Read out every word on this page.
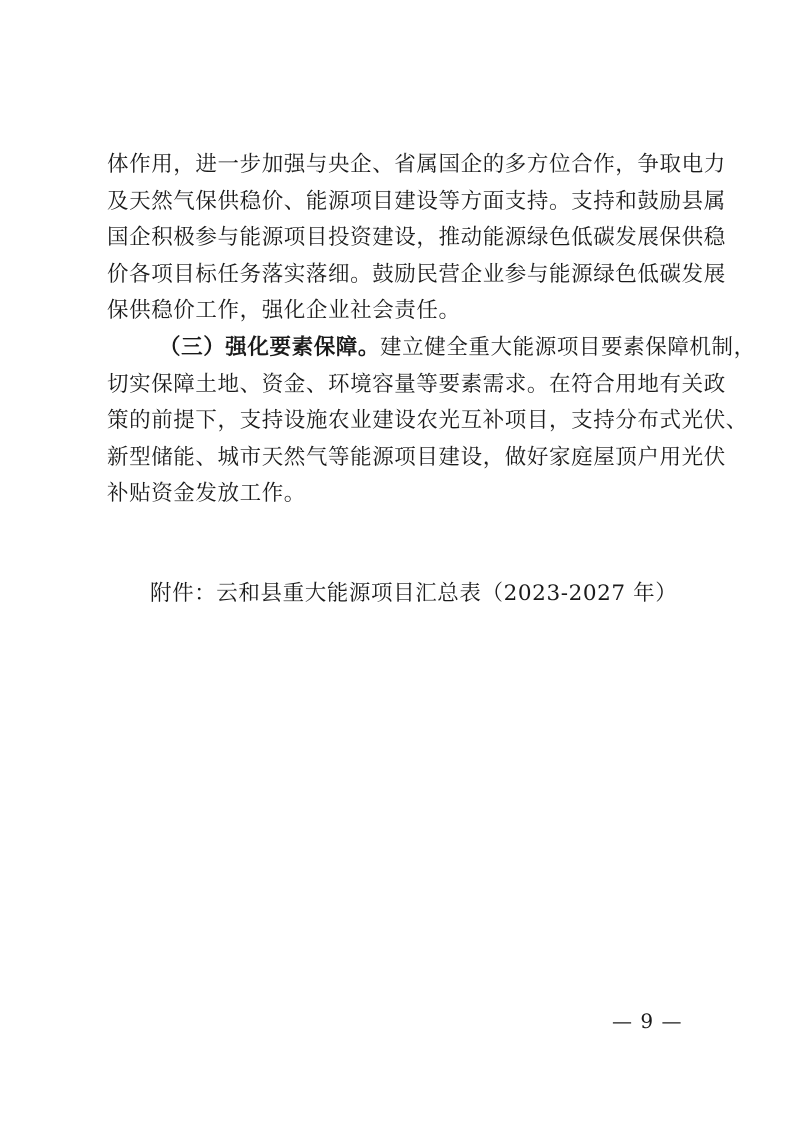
体作用，进一步加强与央企、省属国企的多方位合作，争取电力
及天然气保供稳价、能源项目建设等方面支持。支持和鼓励县属
国企积极参与能源项目投资建设，推动能源绿色低碳发展保供稳
价各项目标任务落实落细。鼓励民营企业参与能源绿色低碳发展
保供稳价工作，强化企业社会责任。

（三）强化要素保障。建立健全重大能源项目要素保障机制，
切实保障土地、资金、环境容量等要素需求。在符合用地有关政
策的前提下，支持设施农业建设农光互补项目，支持分布式光伏、
新型储能、城市天然气等能源项目建设，做好家庭屋顶户用光伏
补贴资金发放工作。

附件：云和县重大能源项目汇总表（2023-2027 年）
— 9 —
